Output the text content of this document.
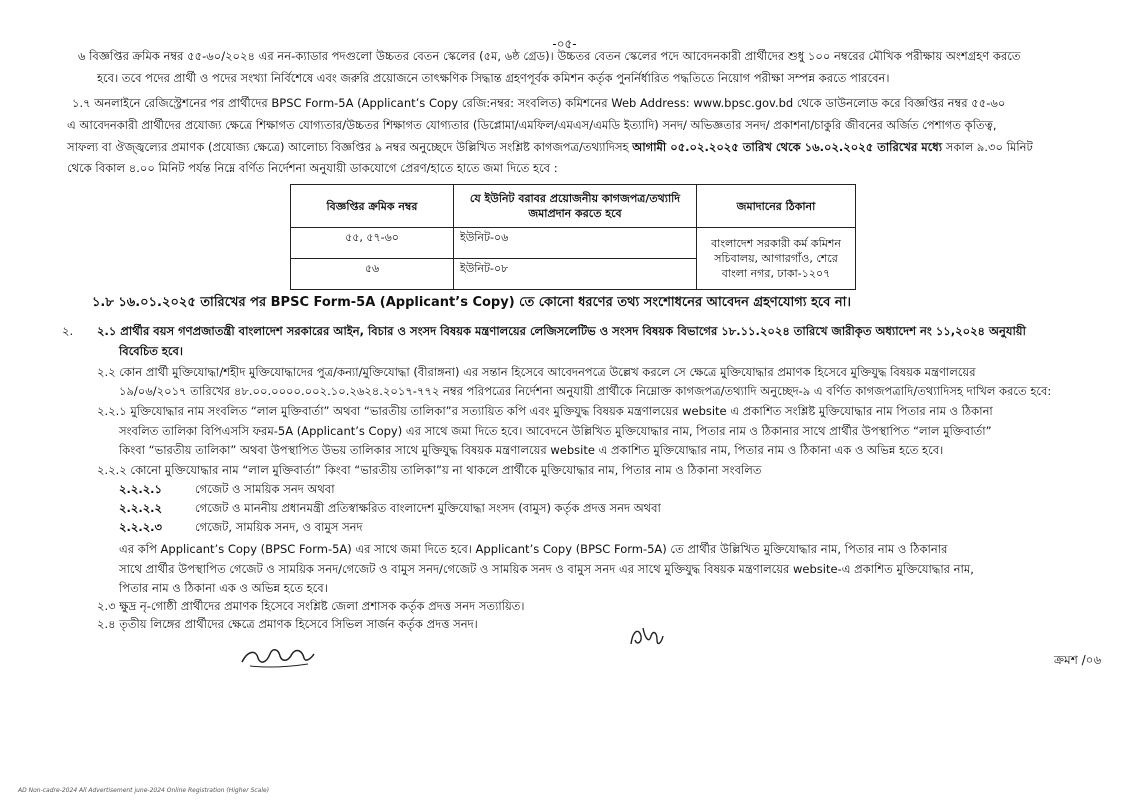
-০৫-
৬ বিজ্ঞপ্তির ক্রমিক নম্বর ৫৫-৬০/২০২৪ এর নন-ক্যাডার পদগুলো উচ্চতর বেতন স্কেলের (৫ম, ৬ষ্ঠ গ্রেড)। উচ্চতর বেতন স্কেলের পদে আবেদনকারী প্রার্থীদের শুধু ১০০ নম্বরের মৌখিক পরীক্ষায় অংশগ্রহণ করতে
হবে। তবে পদের প্রার্থী ও পদের সংখ্যা নির্বিশেষে এবং জরুরি প্রয়োজনে তাৎক্ষণিক সিদ্ধান্ত গ্রহণপূর্বক কমিশন কর্তৃক পুনর্নির্ধারিত পদ্ধতিতে নিয়োগ পরীক্ষা সম্পন্ন করতে পারবেন।
১.৭ অনলাইনে রেজিস্ট্রেশনের পর প্রার্থীদের BPSC Form-5A (Applicant’s Copy রেজি:নম্বর: সংবলিত) কমিশনের Web Address: www.bpsc.gov.bd থেকে ডাউনলোড করে বিজ্ঞপ্তির নম্বর ৫৫-৬০
এ আবেদনকারী প্রার্থীদের প্রযোজ্য ক্ষেত্রে শিক্ষাগত যোগ্যতার/উচ্চতর শিক্ষাগত যোগ্যতার (ডিপ্লোমা/এমফিল/এমএস/এমডি ইত্যাদি) সনদ/ অভিজ্ঞতার সনদ/ প্রকাশনা/চাকুরি জীবনের অর্জিত পেশাগত কৃতিত্ব,
সাফল্য বা ঔজ্জ্বল্যের প্রমাণক (প্রযোজ্য ক্ষেত্রে) আলোচ্য বিজ্ঞপ্তির ৯ নম্বর অনুচ্ছেদে উল্লিখিত সংশ্লিষ্ট কাগজপত্র/তথ্যাদিসহ আগামী ০৫.০২.২০২৫ তারিখ থেকে ১৬.০২.২০২৫ তারিখের মধ্যে সকাল ৯.৩০ মিনিট
থেকে বিকাল ৪.০০ মিনিট পর্যন্ত নিম্নে বর্ণিত নির্দেশনা অনুযায়ী ডাকযোগে প্রেরণ/হাতে হাতে জমা দিতে হবে :
বিজ্ঞপ্তির ক্রমিক নম্বর	যে ইউনিট বরাবর প্রয়োজনীয় কাগজপত্র/তথ্যাদি জমাপ্রদান করতে হবে	জমাদানের ঠিকানা
৫৫, ৫৭-৬০	ইউনিট-০৬	বাংলাদেশ সরকারী কর্ম কমিশন সচিবালয়, আগারগাঁও, শেরে বাংলা নগর, ঢাকা-১২০৭
৫৬	ইউনিট-০৮	
১.৮ ১৬.০১.২০২৫ তারিখের পর BPSC Form-5A (Applicant’s Copy) তে কোনো ধরণের তথ্য সংশোধনের আবেদন গ্রহণযোগ্য হবে না।
২. ২.১ প্রার্থীর বয়স গণপ্রজাতন্ত্রী বাংলাদেশ সরকারের আইন, বিচার ও সংসদ বিষয়ক মন্ত্রণালয়ের লেজিসলেটিভ ও সংসদ বিষয়ক বিভাগের ১৮.১১.২০২৪ তারিখে জারীকৃত অধ্যাদেশ নং ১১,২০২৪ অনুযায়ী
বিবেচিত হবে।
২.২ কোন প্রার্থী মুক্তিযোদ্ধা/শহীদ মুক্তিযোদ্ধাদের পুত্র/কন্যা/মুক্তিযোদ্ধা (বীরাঙ্গনা) এর সন্তান হিসেবে আবেদনপত্রে উল্লেখ করলে সে ক্ষেত্রে মুক্তিযোদ্ধার প্রমাণক হিসেবে মুক্তিযুদ্ধ বিষয়ক মন্ত্রণালয়ের
১৯/০৬/২০১৭ তারিখের ৪৮.০০.০০০০.০০২.১০.২৬২৪.২০১৭-৭৭২ নম্বর পরিপত্রের নির্দেশনা অনুযায়ী প্রার্থীকে নিম্নোক্ত কাগজপত্র/তথ্যাদি অনুচ্ছেদ-৯ এ বর্ণিত কাগজপত্রাদি/তথ্যাদিসহ দাখিল করতে হবে:
২.২.১ মুক্তিযোদ্ধার নাম সংবলিত “লাল মুক্তিবার্তা” অথবা “ভারতীয় তালিকা”র সত্যায়িত কপি এবং মুক্তিযুদ্ধ বিষয়ক মন্ত্রণালয়ের website এ প্রকাশিত সংশ্লিষ্ট মুক্তিযোদ্ধার নাম পিতার নাম ও ঠিকানা
সংবলিত তালিকা বিপিএসসি ফরম-5A (Applicant’s Copy) এর সাথে জমা দিতে হবে। আবেদনে উল্লিখিত মুক্তিযোদ্ধার নাম, পিতার নাম ও ঠিকানার সাথে প্রার্থীর উপস্থাপিত “লাল মুক্তিবার্তা”
কিংবা “ভারতীয় তালিকা” অথবা উপস্থাপিত উভয় তালিকার সাথে মুক্তিযুদ্ধ বিষয়ক মন্ত্রণালয়ের website এ প্রকাশিত মুক্তিযোদ্ধার নাম, পিতার নাম ও ঠিকানা এক ও অভিন্ন হতে হবে।
২.২.২ কোনো মুক্তিযোদ্ধার নাম “লাল মুক্তিবার্তা” কিংবা “ভারতীয় তালিকা”য় না থাকলে প্রার্থীকে মুক্তিযোদ্ধার নাম, পিতার নাম ও ঠিকানা সংবলিত
২.২.২.১	গেজেট ও সাময়িক সনদ অথবা
২.২.২.২	গেজেট ও মাননীয় প্রধানমন্ত্রী প্রতিস্বাক্ষরিত বাংলাদেশ মুক্তিযোদ্ধা সংসদ (বামুস) কর্তৃক প্রদত্ত সনদ অথবা
২.২.২.৩	গেজেট, সাময়িক সনদ, ও বামুস সনদ
এর কপি Applicant’s Copy (BPSC Form-5A) এর সাথে জমা দিতে হবে। Applicant’s Copy (BPSC Form-5A) তে প্রার্থীর উল্লিখিত মুক্তিযোদ্ধার নাম, পিতার নাম ও ঠিকানার
সাথে প্রার্থীর উপস্থাপিত গেজেট ও সাময়িক সনদ/গেজেট ও বামুস সনদ/গেজেট ও সাময়িক সনদ ও বামুস সনদ এর সাথে মুক্তিযুদ্ধ বিষয়ক মন্ত্রণালয়ের website-এ প্রকাশিত মুক্তিযোদ্ধার নাম,
পিতার নাম ও ঠিকানা এক ও অভিন্ন হতে হবে।
২.৩ ক্ষুদ্র নৃ-গোষ্ঠী প্রার্থীদের প্রমাণক হিসেবে সংশ্লিষ্ট জেলা প্রশাসক কর্তৃক প্রদত্ত সনদ সত্যায়িত।
২.৪ তৃতীয় লিঙ্গের প্রার্থীদের ক্ষেত্রে প্রমাণক হিসেবে সিভিল সার্জন কর্তৃক প্রদত্ত সনদ।
ক্রমশ /০৬
AD Non-cadre-2024 All Advertisement june-2024 Online Registration (Higher Scale)
